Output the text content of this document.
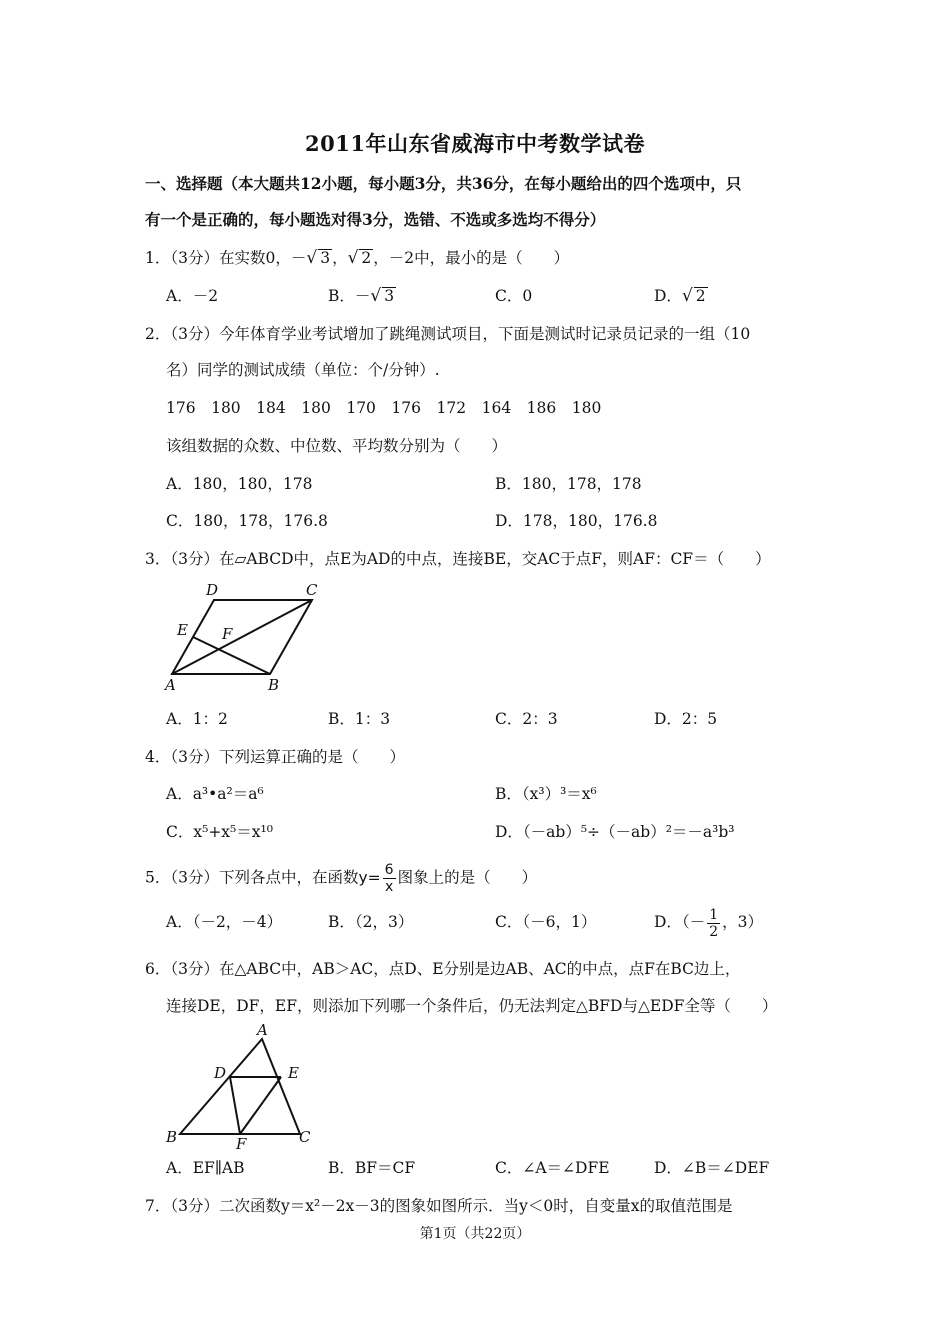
2011年山东省威海市中考数学试卷
一、选择题（本大题共12小题，每小题3分，共36分，在每小题给出的四个选项中，只
有一个是正确的，每小题选对得3分，选错、不选或多选均不得分）
1．（3分）在实数0，－√ 3 ，√ 2 ，－2中，最小的是（　　）
A．－2	B．－√ 3	C．0	D．√ 2
2．（3分）今年体育学业考试增加了跳绳测试项目，下面是测试时记录员记录的一组（10
名）同学的测试成绩（单位：个/分钟）.
176　180　184　180　170　176　172　164　186　180
该组数据的众数、中位数、平均数分别为（　　）
A．180，180，178	B．180，178，178
C．180，178，176.8	D．178，180，176.8
3．（3分）在▱ABCD中，点E为AD的中点，连接BE，交AC于点F，则AF：CF＝（　　）
D	C
E F
A	B
A．1：2	B．1：3	C．2：3	D．2：5
4．（3分）下列运算正确的是（　　）
A．a³•a²＝a⁶	B．（x³）³＝x⁶
C．x⁵+x⁵＝x¹⁰	D．（－ab）⁵÷（－ab）²＝－a³b³
5．（3分）下列各点中，在函数$y= \frac{6}{x}$ 图象上的是（　　）
A．（－2，－4）	B．（2，3）	C．（－6，1）	D．（－ $\frac{1}{2}$ ，3）
6．（3分）在△ABC中，AB＞AC，点D、E分别是边AB、AC的中点，点F在BC边上，
连接DE，DF，EF，则添加下列哪一个条件后，仍无法判定△BFD与△EDF全等（　　）
A
D	E
B	F	C
A．EF∥AB	B．BF＝CF	C．∠A＝∠DFE	D．∠B＝∠DEF
7．（3分）二次函数y＝x²－2x－3的图象如图所示．当y＜0时，自变量x的取值范围是
第1页（共22页）
